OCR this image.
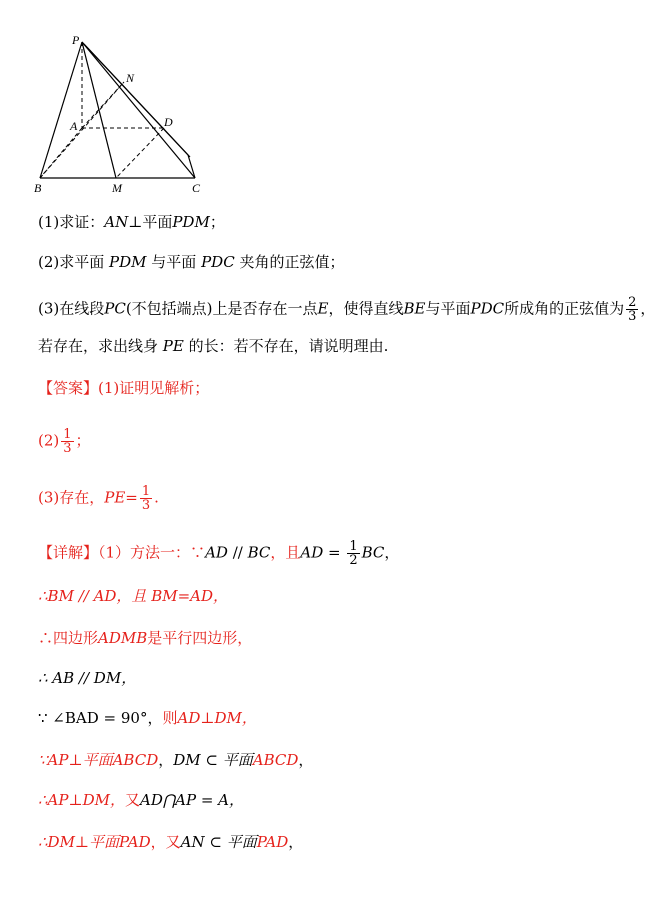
P
N
A	D
B	M	C
(1)求证：AN⊥平面PDM；
(2)求平面 PDM 与平面 PDC 夹角的正弦值；
(3)在线段PC(不包括端点)上是否存在一点E，使得直线BE与平面PDC所成角的正弦值为 $\frac{2}{3}$ ，
若存在，求出线身 PE 的长：若不存在，请说明理由.
【答案】(1)证明见解析；
$(2) \frac{1}{3}$ ；
(3)存在，$PE= \frac{1}{3}$ .
【详解】（1）方法一：∵AD // BC，且AD = $\frac{1}{2}$ BC，
∴BM // AD，且 BM=AD，
∴四边形ADMB是平行四边形，
∴ AB // DM，
∵ ∠BAD = 90°，则AD⊥DM，
∵AP⊥平面ABCD，DM ⊂ 平面ABCD，
∴AP⊥DM，又AD⋂AP = A，
∴DM⊥平面PAD，又AN ⊂ 平面PAD，
